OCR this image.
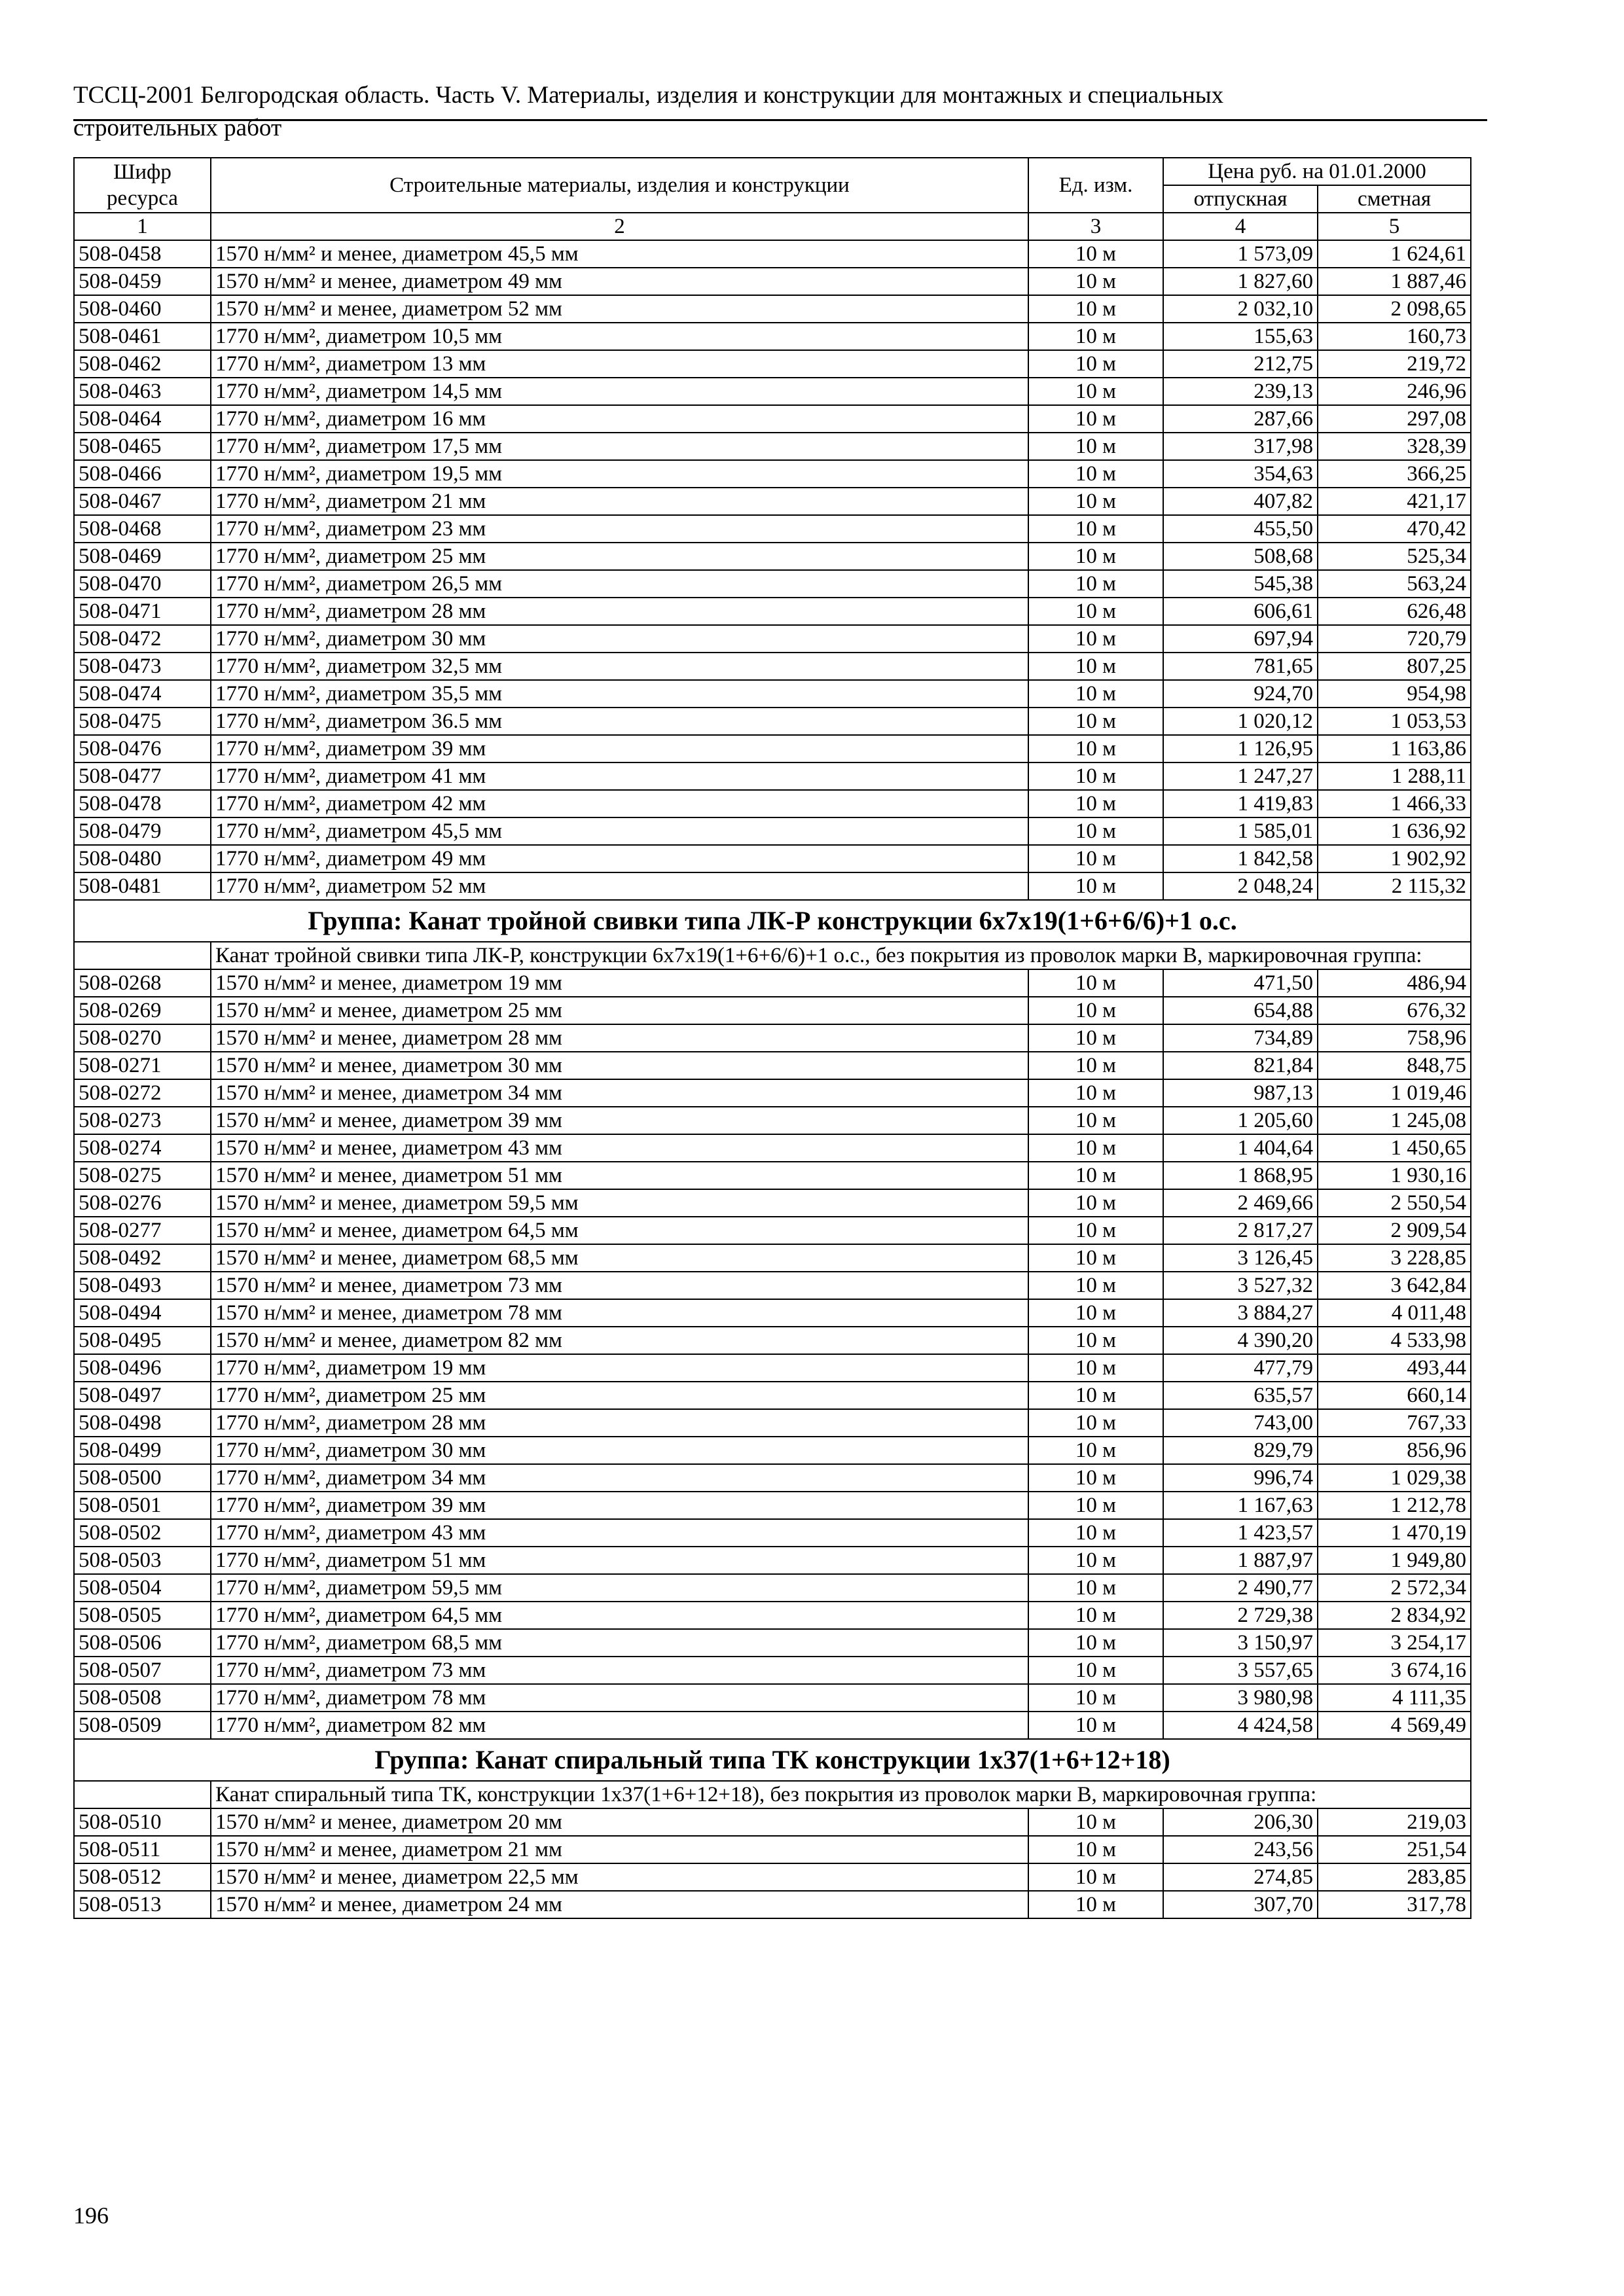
ТССЦ-2001 Белгородская область. Часть V. Материалы, изделия и конструкции для монтажных и специальных
строительных работ
Шифр ресурса	Строительные материалы, изделия и конструкции	Ед. изм.	Цена руб. на 01.01.2000	
			отпускная	сметная
1	2	3	4	5
508-0458	1570 н/мм² и менее, диаметром 45,5 мм	10 м	1 573,09	1 624,61
508-0459	1570 н/мм² и менее, диаметром 49 мм	10 м	1 827,60	1 887,46
508-0460	1570 н/мм² и менее, диаметром 52 мм	10 м	2 032,10	2 098,65
508-0461	1770 н/мм², диаметром 10,5 мм	10 м	155,63	160,73
508-0462	1770 н/мм², диаметром 13 мм	10 м	212,75	219,72
508-0463	1770 н/мм², диаметром 14,5 мм	10 м	239,13	246,96
508-0464	1770 н/мм², диаметром 16 мм	10 м	287,66	297,08
508-0465	1770 н/мм², диаметром 17,5 мм	10 м	317,98	328,39
508-0466	1770 н/мм², диаметром 19,5 мм	10 м	354,63	366,25
508-0467	1770 н/мм², диаметром 21 мм	10 м	407,82	421,17
508-0468	1770 н/мм², диаметром 23 мм	10 м	455,50	470,42
508-0469	1770 н/мм², диаметром 25 мм	10 м	508,68	525,34
508-0470	1770 н/мм², диаметром 26,5 мм	10 м	545,38	563,24
508-0471	1770 н/мм², диаметром 28 мм	10 м	606,61	626,48
508-0472	1770 н/мм², диаметром 30 мм	10 м	697,94	720,79
508-0473	1770 н/мм², диаметром 32,5 мм	10 м	781,65	807,25
508-0474	1770 н/мм², диаметром 35,5 мм	10 м	924,70	954,98
508-0475	1770 н/мм², диаметром 36.5 мм	10 м	1 020,12	1 053,53
508-0476	1770 н/мм², диаметром 39 мм	10 м	1 126,95	1 163,86
508-0477	1770 н/мм², диаметром 41 мм	10 м	1 247,27	1 288,11
508-0478	1770 н/мм², диаметром 42 мм	10 м	1 419,83	1 466,33
508-0479	1770 н/мм², диаметром 45,5 мм	10 м	1 585,01	1 636,92
508-0480	1770 н/мм², диаметром 49 мм	10 м	1 842,58	1 902,92
508-0481	1770 н/мм², диаметром 52 мм	10 м	2 048,24	2 115,32
Группа: Канат тройной свивки типа ЛК-Р конструкции 6х7х19(1+6+6/6)+1 о.с.				
	Канат тройной свивки типа ЛК-Р, конструкции 6х7х19(1+6+6/6)+1 о.с., без покрытия из проволок марки В, маркировочная группа:			
508-0268	1570 н/мм² и менее, диаметром 19 мм	10 м	471,50	486,94
508-0269	1570 н/мм² и менее, диаметром 25 мм	10 м	654,88	676,32
508-0270	1570 н/мм² и менее, диаметром 28 мм	10 м	734,89	758,96
508-0271	1570 н/мм² и менее, диаметром 30 мм	10 м	821,84	848,75
508-0272	1570 н/мм² и менее, диаметром 34 мм	10 м	987,13	1 019,46
508-0273	1570 н/мм² и менее, диаметром 39 мм	10 м	1 205,60	1 245,08
508-0274	1570 н/мм² и менее, диаметром 43 мм	10 м	1 404,64	1 450,65
508-0275	1570 н/мм² и менее, диаметром 51 мм	10 м	1 868,95	1 930,16
508-0276	1570 н/мм² и менее, диаметром 59,5 мм	10 м	2 469,66	2 550,54
508-0277	1570 н/мм² и менее, диаметром 64,5 мм	10 м	2 817,27	2 909,54
508-0492	1570 н/мм² и менее, диаметром 68,5 мм	10 м	3 126,45	3 228,85
508-0493	1570 н/мм² и менее, диаметром 73 мм	10 м	3 527,32	3 642,84
508-0494	1570 н/мм² и менее, диаметром 78 мм	10 м	3 884,27	4 011,48
508-0495	1570 н/мм² и менее, диаметром 82 мм	10 м	4 390,20	4 533,98
508-0496	1770 н/мм², диаметром 19 мм	10 м	477,79	493,44
508-0497	1770 н/мм², диаметром 25 мм	10 м	635,57	660,14
508-0498	1770 н/мм², диаметром 28 мм	10 м	743,00	767,33
508-0499	1770 н/мм², диаметром 30 мм	10 м	829,79	856,96
508-0500	1770 н/мм², диаметром 34 мм	10 м	996,74	1 029,38
508-0501	1770 н/мм², диаметром 39 мм	10 м	1 167,63	1 212,78
508-0502	1770 н/мм², диаметром 43 мм	10 м	1 423,57	1 470,19
508-0503	1770 н/мм², диаметром 51 мм	10 м	1 887,97	1 949,80
508-0504	1770 н/мм², диаметром 59,5 мм	10 м	2 490,77	2 572,34
508-0505	1770 н/мм², диаметром 64,5 мм	10 м	2 729,38	2 834,92
508-0506	1770 н/мм², диаметром 68,5 мм	10 м	3 150,97	3 254,17
508-0507	1770 н/мм², диаметром 73 мм	10 м	3 557,65	3 674,16
508-0508	1770 н/мм², диаметром 78 мм	10 м	3 980,98	4 111,35
508-0509	1770 н/мм², диаметром 82 мм	10 м	4 424,58	4 569,49
Группа: Канат спиральный типа ТК конструкции 1х37(1+6+12+18)				
	Канат спиральный типа ТК, конструкции 1х37(1+6+12+18), без покрытия из проволок марки В, маркировочная группа:			
508-0510	1570 н/мм² и менее, диаметром 20 мм	10 м	206,30	219,03
508-0511	1570 н/мм² и менее, диаметром 21 мм	10 м	243,56	251,54
508-0512	1570 н/мм² и менее, диаметром 22,5 мм	10 м	274,85	283,85
508-0513	1570 н/мм² и менее, диаметром 24 мм	10 м	307,70	317,78
196
